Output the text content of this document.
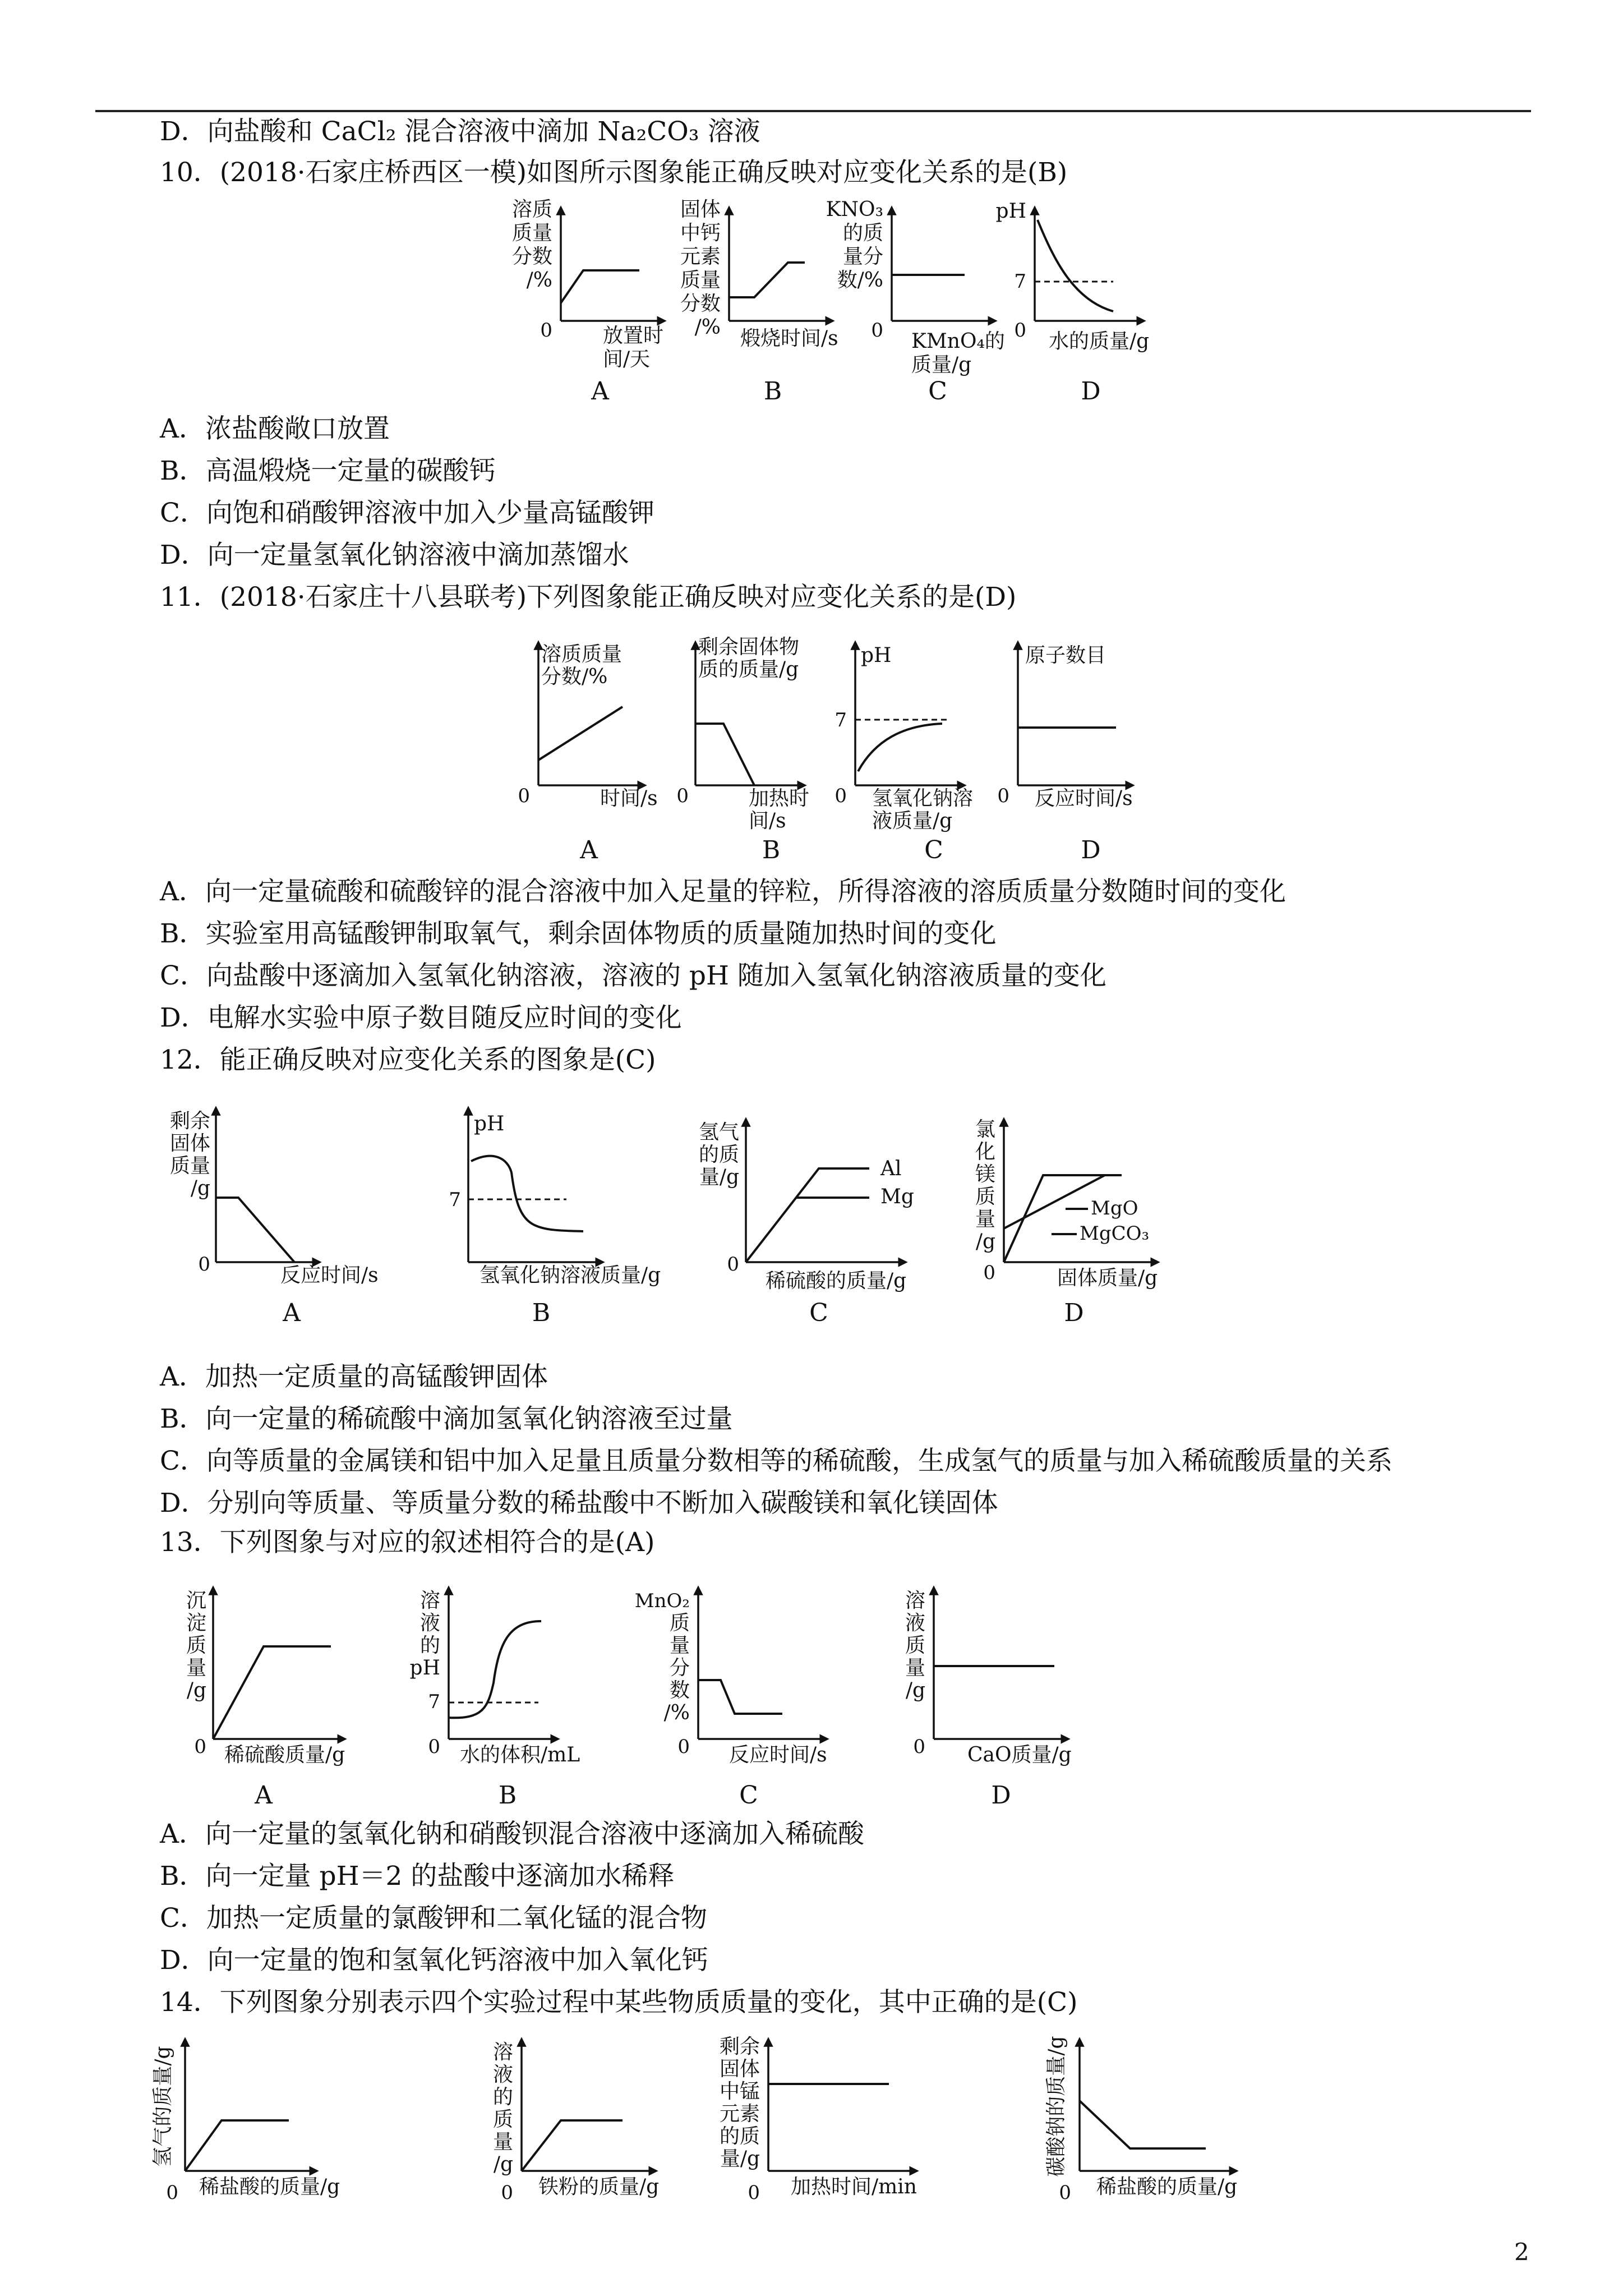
D．向盐酸和 CaCl₂ 混合溶液中滴加 Na₂CO₃ 溶液
10．(2018·石家庄桥西区一模)如图所示图象能正确反映对应变化关系的是(B)
A．浓盐酸敞口放置
B．高温煅烧一定量的碳酸钙
C．向饱和硝酸钾溶液中加入少量高锰酸钾
D．向一定量氢氧化钠溶液中滴加蒸馏水
11．(2018·石家庄十八县联考)下列图象能正确反映对应变化关系的是(D)
A．向一定量硫酸和硫酸锌的混合溶液中加入足量的锌粒，所得溶液的溶质质量分数随时间的变化
B．实验室用高锰酸钾制取氧气，剩余固体物质的质量随加热时间的变化
C．向盐酸中逐滴加入氢氧化钠溶液，溶液的 pH 随加入氢氧化钠溶液质量的变化
D．电解水实验中原子数目随反应时间的变化
12．能正确反映对应变化关系的图象是(C)
A．加热一定质量的高锰酸钾固体
B．向一定量的稀硫酸中滴加氢氧化钠溶液至过量
C．向等质量的金属镁和铝中加入足量且质量分数相等的稀硫酸，生成氢气的质量与加入稀硫酸质量的关系
D．分别向等质量、等质量分数的稀盐酸中不断加入碳酸镁和氧化镁固体
13．下列图象与对应的叙述相符合的是(A)
A．向一定量的氢氧化钠和硝酸钡混合溶液中逐滴加入稀硫酸
B．向一定量 pH＝2 的盐酸中逐滴加水稀释
C．加热一定质量的氯酸钾和二氧化锰的混合物
D．向一定量的饱和氢氧化钙溶液中加入氧化钙
14．下列图象分别表示四个实验过程中某些物质质量的变化，其中正确的是(C)
2
0
溶质
质量
分数
/%
放置时
间/天
A
固体
中钙
元素
质量
分数
/% 煅烧时间/s
B
0
KNO₃
的质
量分
数/%
KMnO₄的
质量/g
C
pH
7
0 水的质量/g
D
0
溶质质量
分数/%
时间/s
A
0
剩余固体物
质的质量/g
加热时
间/s
B
pH
7
0 氢氧化钠溶
液质量/g
C
原子数目
0 反应时间/s
D
剩余
固体
质量
/g
0	反应时间/s
A
pH
7
氢氧化钠溶液质量/g
B
氢气
的质
量/g
0
Al
Mg
稀硫酸的质量/g
C
氯
化
镁
质
量
/g
0
MgO
MgCO₃
固体质量/g
D
沉
淀
质
量
/g
0 稀硫酸质量/g
A
溶
液
的
pH
7
0 水的体积/mL
B
MnO₂
质
量
分
数
/%
0 反应时间/s
C
溶
液
质
量
/g
0 CaO质量/g
D
氢气的质量/g
0 稀盐酸的质量/g
溶
液
的
质
量
/g
0 铁粉的质量/g
剩余
固体
中锰
元素
的质
量/g
0 加热时间/min
碳酸钠的质量/g
0 稀盐酸的质量/g
